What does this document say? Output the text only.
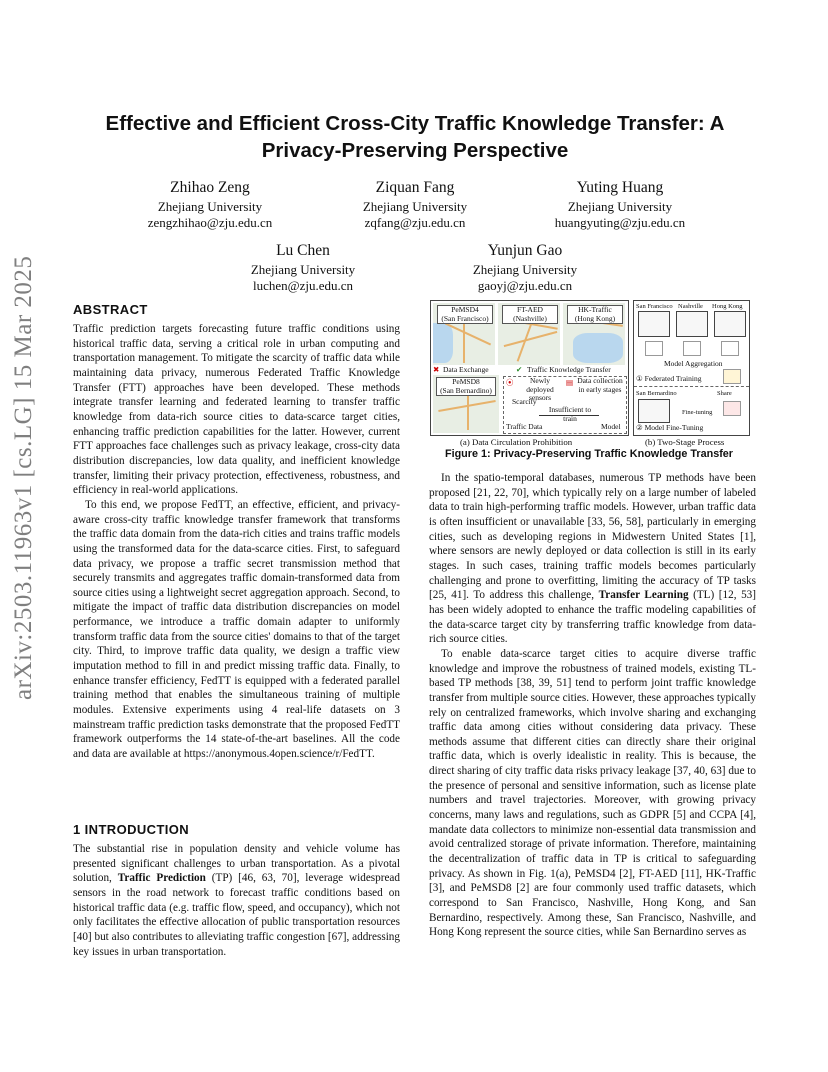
arXiv:2503.11963v1 [cs.LG] 15 Mar 2025
Effective and Efficient Cross-City Traffic Knowledge Transfer: A
Privacy-Preserving Perspective
Zhihao Zeng
Zhejiang University
zengzhihao@zju.edu.cn
Ziquan Fang
Zhejiang University
zqfang@zju.edu.cn
Yuting Huang
Zhejiang University
huangyuting@zju.edu.cn
Lu Chen
Zhejiang University
luchen@zju.edu.cn
Yunjun Gao
Zhejiang University
gaoyj@zju.edu.cn
ABSTRACT

Traffic prediction targets forecasting future traffic conditions using historical traffic data, serving a critical role in urban computing and transportation management. To mitigate the scarcity of traffic data while maintaining data privacy, numerous Federated Traffic Knowledge Transfer (FTT) approaches have been developed. These methods integrate transfer learning and federated learning to transfer traffic knowledge from data-rich source cities to data-scarce target cities, enhancing traffic prediction capabilities for the latter. However, current FTT approaches face challenges such as privacy leakage, cross-city data distribution discrepancies, low data quality, and inefficient knowledge transfer, limiting their privacy protection, effectiveness, robustness, and efficiency in real-world applications.

To this end, we propose FedTT, an effective, efficient, and privacy-aware cross-city traffic knowledge transfer framework that transforms the traffic data domain from the data-rich cities and trains traffic models using the transformed data for the data-scarce cities. First, to safeguard data privacy, we propose a traffic secret transmission method that securely transmits and aggregates traffic domain-transformed data from source cities using a lightweight secret aggregation approach. Second, to mitigate the impact of traffic data distribution discrepancies on model performance, we introduce a traffic domain adapter to uniformly transform traffic data from the source cities' domains to that of the target city. Third, to improve traffic data quality, we design a traffic view imputation method to fill in and predict missing traffic data. Finally, to enhance transfer efficiency, FedTT is equipped with a federated parallel training method that enables the simultaneous training of multiple modules. Extensive experiments using 4 real-life datasets on 3 mainstream traffic prediction tasks demonstrate that the proposed FedTT framework outperforms the 14 state-of-the-art baselines. All the code and data are available at https://anonymous.4open.science/r/FedTT.

1 INTRODUCTION

The substantial rise in population density and vehicle volume has presented significant challenges to urban transportation. As a pivotal solution, Traffic Prediction (TP) [46, 63, 70], leverage widespread sensors in the road network to forecast traffic conditions based on historical traffic data (e.g. traffic flow, speed, and occupancy), which not only facilitates the effective allocation of public transportation resources [40] but also contributes to alleviating traffic congestion [67], addressing key issues in urban transportation.

PeMSD4
(San Francisco)
FT-AED
(Nashville)
HK-Traffic
(Hong Kong)
✖ Data Exchange	✔ Traffic Knowledge Transfer
PeMSD8
(San Bernardino)
⦿	Newly deployed sensors
▤ Data collection in early stages
Scarcity
Insufficient to train
Traffic Data	Model
(a) Data Circulation Prohibition
San Francisco Nashville Hong Kong
Model Aggregation
① Federated Training
San Bernardino	Share
Fine-tuning
② Model Fine-Tuning
(b) Two-Stage Process
Figure 1: Privacy-Preserving Traffic Knowledge Transfer

In the spatio-temporal databases, numerous TP methods have been proposed [21, 22, 70], which typically rely on a large number of labeled data to train high-performing traffic models. However, urban traffic data is often insufficient or unavailable [33, 56, 58], particularly in emerging cities, such as developing regions in Midwestern United States [1], where sensors are newly deployed or data collection is still in its early stages. In such cases, training traffic models becomes particularly challenging and prone to overfitting, limiting the accuracy of TP tasks [25, 41]. To address this challenge, Transfer Learning (TL) [12, 53] has been widely adopted to enhance the traffic modeling capabilities of the data-scarce target city by transferring traffic knowledge from data-rich source cities.

To enable data-scarce target cities to acquire diverse traffic knowledge and improve the robustness of trained models, existing TL-based TP methods [38, 39, 51] tend to perform joint traffic knowledge transfer from multiple source cities. However, these approaches typically rely on centralized frameworks, which involve sharing and exchanging traffic data among cities without considering data privacy. These methods assume that different cities can directly share their original traffic data, which is overly idealistic in reality. This is because, the direct sharing of city traffic data risks privacy leakage [37, 40, 63] due to the presence of personal and sensitive information, such as license plate numbers and travel trajectories. Moreover, with growing privacy concerns, many laws and regulations, such as GDPR [5] and CCPA [4], mandate data collectors to minimize non-essential data transmission and avoid centralized storage of private information. Therefore, maintaining the decentralization of traffic data in TP is critical to safeguarding privacy. As shown in Fig. 1(a), PeMSD4 [2], FT-AED [11], HK-Traffic [3], and PeMSD8 [2] are four commonly used traffic datasets, which correspond to San Francisco, Nashville, Hong Kong, and San Bernardino, respectively. Among these, San Francisco, Nashville, and Hong Kong represent the source cities, while San Bernardino serves as
